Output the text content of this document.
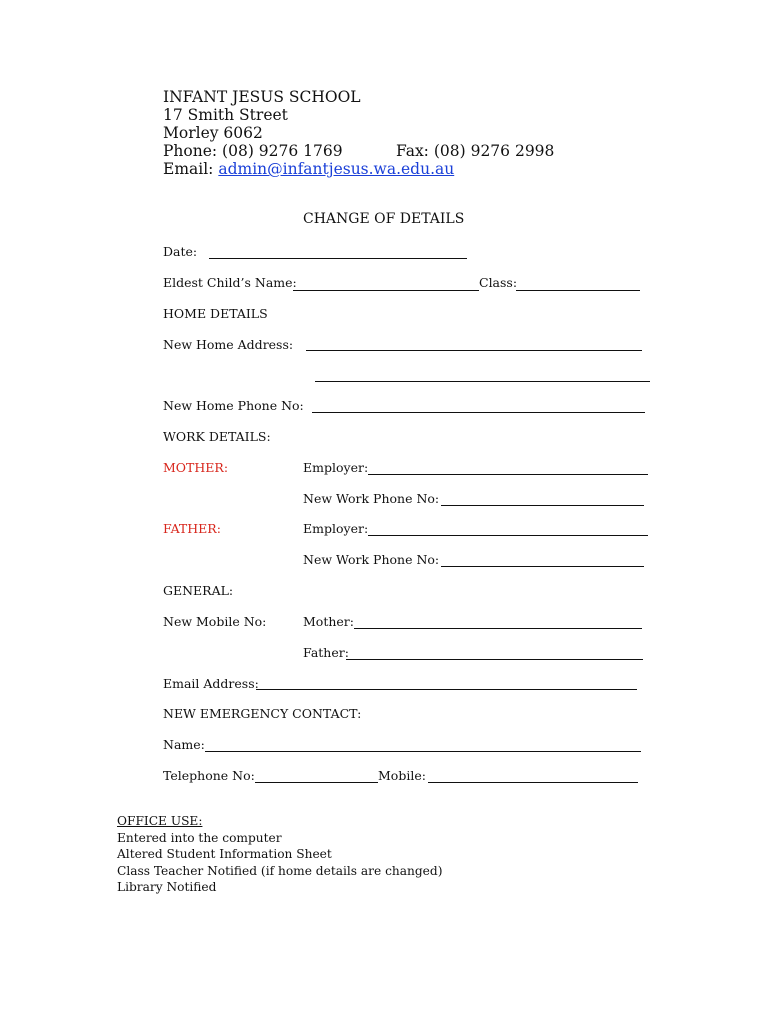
INFANT JESUS SCHOOL
17 Smith Street
Morley 6062
Phone: (08) 9276 1769	Fax: (08) 9276 2998
Email: admin@infantjesus.wa.edu.au
CHANGE OF DETAILS
Date:
Eldest Child’s Name:	Class:
HOME DETAILS
New Home Address:
New Home Phone No:
WORK DETAILS:
MOTHER:	Employer:
New Work Phone No:
FATHER:	Employer:
New Work Phone No:
GENERAL:
New Mobile No:	Mother:
Father:
Email Address:
NEW EMERGENCY CONTACT:
Name:
Telephone No:	Mobile:
OFFICE USE:
Entered into the computer
Altered Student Information Sheet
Class Teacher Notified (if home details are changed)
Library Notified
